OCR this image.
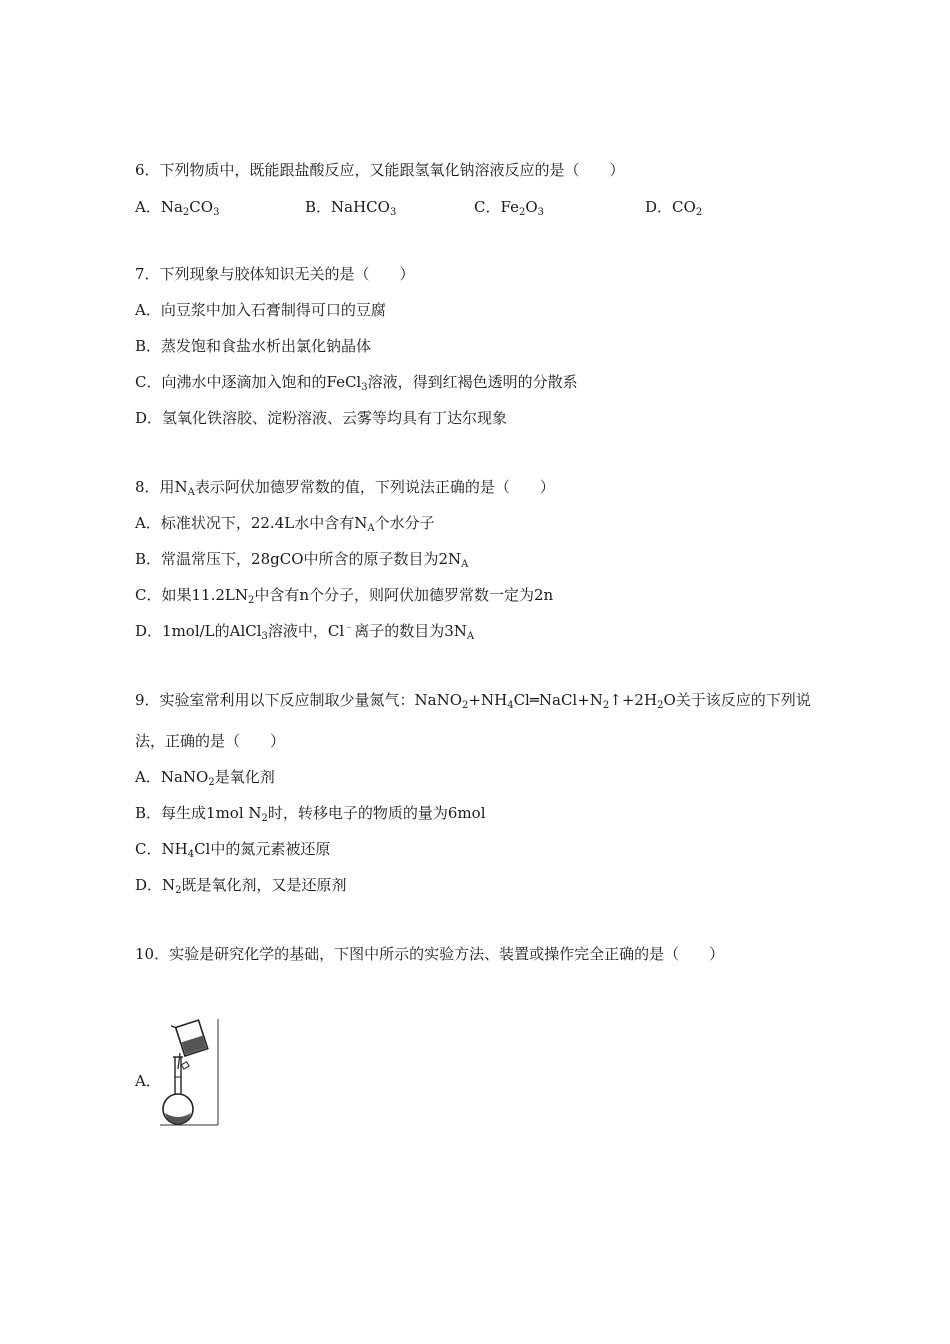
6．下列物质中，既能跟盐酸反应，又能跟氢氧化钠溶液反应的是（　　）
A．$Na_2CO_3$	B．NaHCO$_3$	C．$Fe_2O_3$	D．$CO_2$
7．下列现象与胶体知识无关的是（　　）
A．向豆浆中加入石膏制得可口的豆腐
B．蒸发饱和食盐水析出氯化钠晶体
C．向沸水中逐滴加入饱和的FeCl$_3$溶液，得到红褐色透明的分散系
D．氢氧化铁溶胶、淀粉溶液、云雾等均具有丁达尔现象
8．用$N_A$表示阿伏加德罗常数的值，下列说法正确的是（　　）
A．标准状况下，22.4L水中含有$N_A$个水分子
B．常温常压下，28gCO中所含的原子数目为$2N_A$
C．如果$11.2LN_2$中含有n个分子，则阿伏加德罗常数一定为2n
D．1mol/L的AlCl$_3$溶液中，Cl﹣离子的数目为$3N_A$
9．实验室常利用以下反应制取少量氮气：$NaNO_2+NH_4Cl═NaCl+N_2↑+2H_2O$关于该反应的下列说
法，正确的是（　　）
A．NaNO$_2$是氧化剂
B．每生成1mol $N_2$时，转移电子的物质的量为6mol
C．$NH_4Cl$中的氮元素被还原
D．$N_2$既是氧化剂，又是还原剂
10．实验是研究化学的基础，下图中所示的实验方法、装置或操作完全正确的是（　　）
A．
